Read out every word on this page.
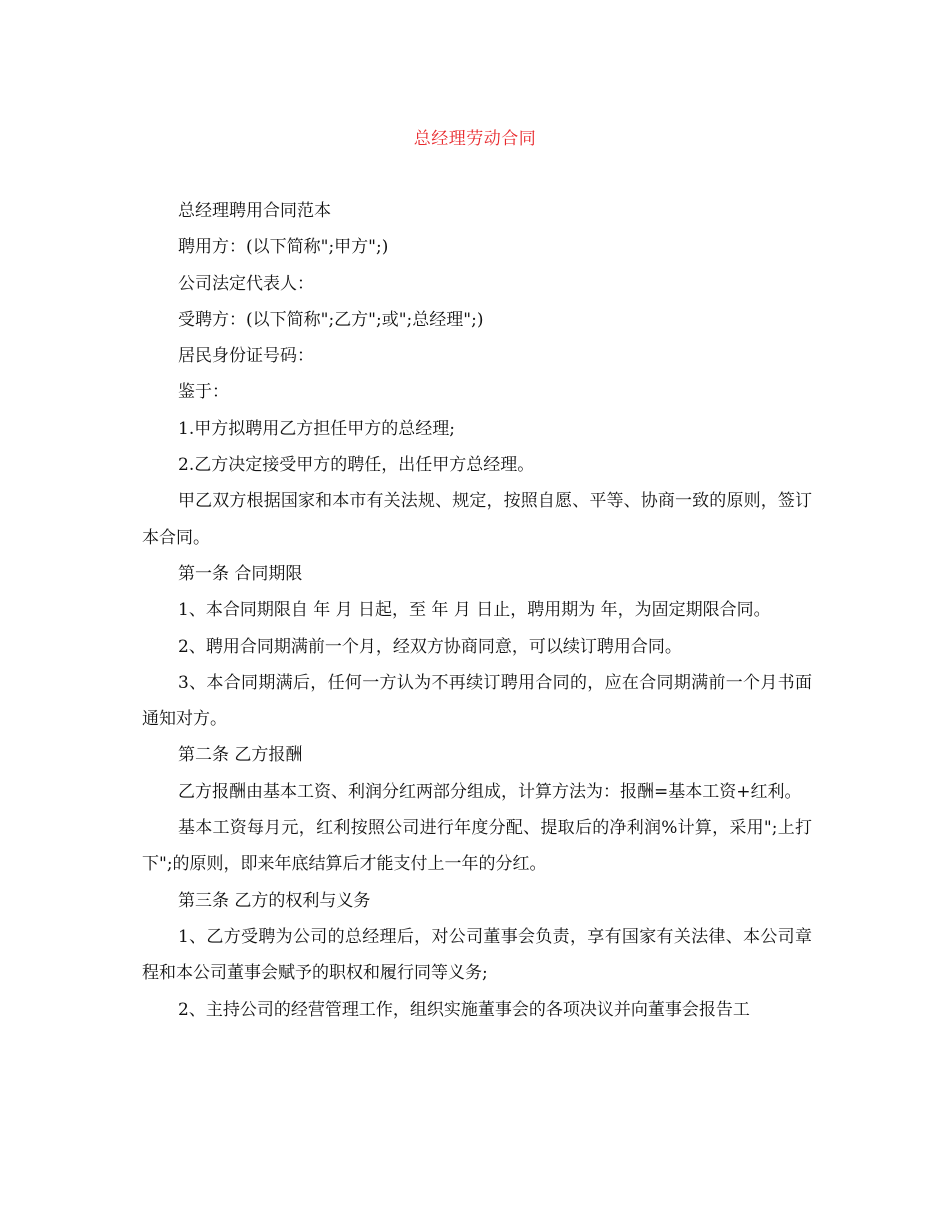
总经理劳动合同

总经理聘用合同范本

聘用方：(以下简称";甲方";)

公司法定代表人：

受聘方：(以下简称";乙方";或";总经理";)

居民身份证号码：

鉴于：

1.甲方拟聘用乙方担任甲方的总经理;

2.乙方决定接受甲方的聘任，出任甲方总经理。

甲乙双方根据国家和本市有关法规、规定，按照自愿、平等、协商一致的原则，签订本合同。

第一条 合同期限

1、本合同期限自 年 月 日起，至 年 月 日止，聘用期为 年，为固定期限合同。

2、聘用合同期满前一个月，经双方协商同意，可以续订聘用合同。

3、本合同期满后，任何一方认为不再续订聘用合同的，应在合同期满前一个月书面通知对方。

第二条 乙方报酬

乙方报酬由基本工资、利润分红两部分组成，计算方法为：报酬=基本工资+红利。

基本工资每月元，红利按照公司进行年度分配、提取后的净利润%计算，采用";上打下";的原则，即来年底结算后才能支付上一年的分红。

第三条 乙方的权利与义务

1、乙方受聘为公司的总经理后，对公司董事会负责，享有国家有关法律、本公司章程和本公司董事会赋予的职权和履行同等义务;

2、主持公司的经营管理工作，组织实施董事会的各项决议并向董事会报告工
